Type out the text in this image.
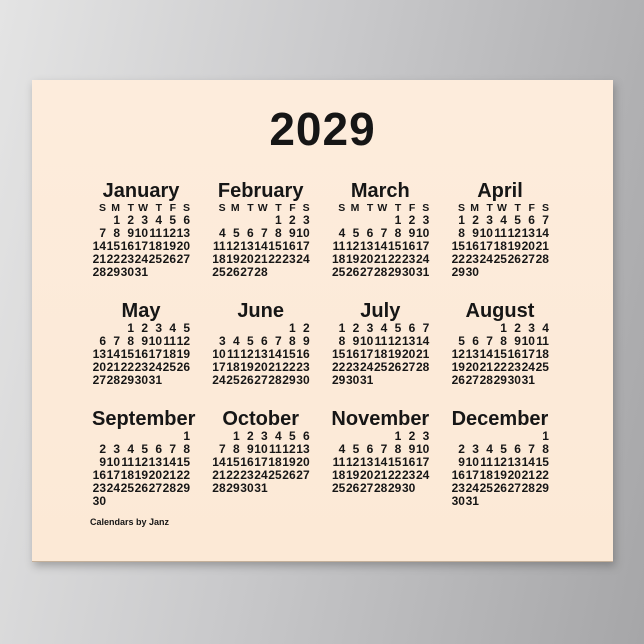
2029
January
S M T W T F S
1 2 3 4 5 6
7 8 9 10 11 12 13
14 15 16 17 18 19 20
21 22 23 24 25 26 27
28 29 30 31
February
S M T W T F S
1 2 3
4 5 6 7 8 9 10
11 12 13 14 15 16 17
18 19 20 21 22 23 24
25 26 27 28
March
S M T W T F S
1 2 3
4 5 6 7 8 9 10
11 12 13 14 15 16 17
18 19 20 21 22 23 24
25 26 27 28 29 30 31
April
S M T W T F S
1 2 3 4 5 6 7
8 9 10 11 12 13 14
15 16 17 18 19 20 21
22 23 24 25 26 27 28
29 30
May
1 2 3 4 5
6 7 8 9 10 11 12
13 14 15 16 17 18 19
20 21 22 23 24 25 26
27 28 29 30 31
June
1 2
3 4 5 6 7 8 9
10 11 12 13 14 15 16
17 18 19 20 21 22 23
24 25 26 27 28 29 30
July
1 2 3 4 5 6 7
8 9 10 11 12 13 14
15 16 17 18 19 20 21
22 23 24 25 26 27 28
29 30 31
August
1 2 3 4
5 6 7 8 9 10 11
12 13 14 15 16 17 18
19 20 21 22 23 24 25
26 27 28 29 30 31
September
1
2 3 4 5 6 7 8
9 10 11 12 13 14 15
16 17 18 19 20 21 22
23 24 25 26 27 28 29
30
October
1 2 3 4 5 6
7 8 9 10 11 12 13
14 15 16 17 18 19 20
21 22 23 24 25 26 27
28 29 30 31
November
1 2 3
4 5 6 7 8 9 10
11 12 13 14 15 16 17
18 19 20 21 22 23 24
25 26 27 28 29 30
December
1
2 3 4 5 6 7 8
9 10 11 12 13 14 15
16 17 18 19 20 21 22
23 24 25 26 27 28 29
30 31
Calendars by Janz
